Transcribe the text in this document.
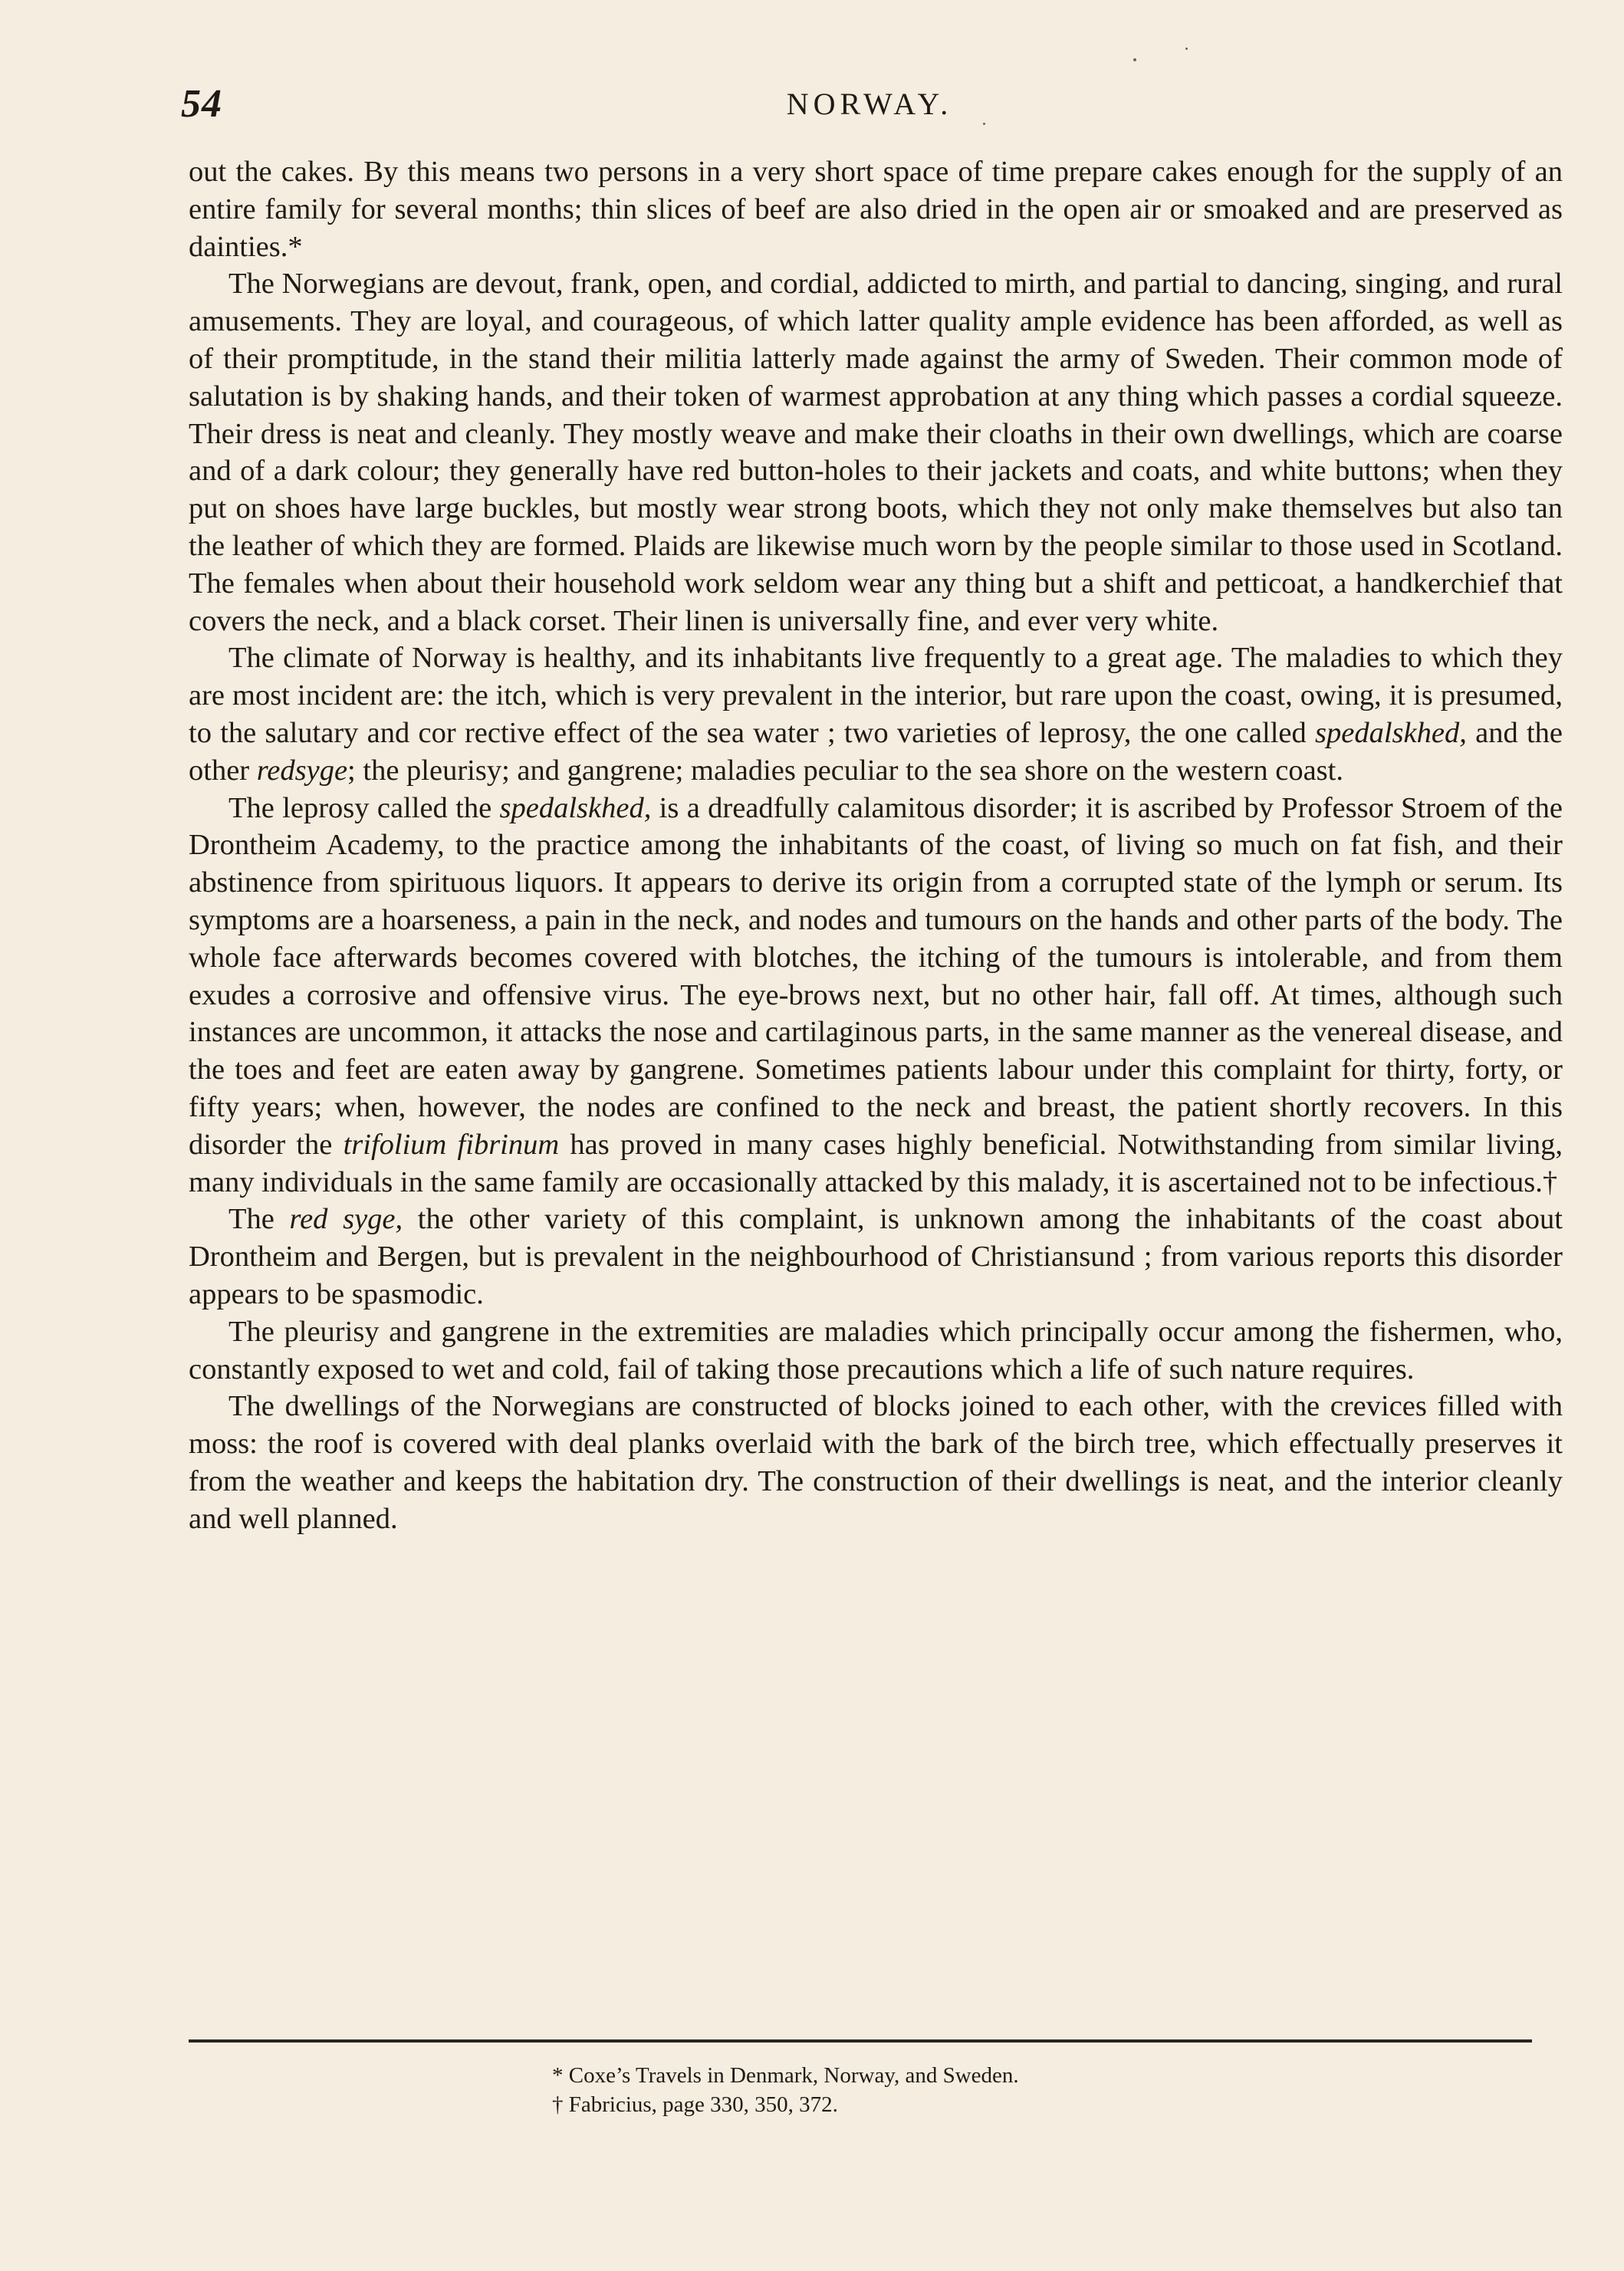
54	NORWAY.

out the cakes. By this means two persons in a very short space of time prepare cakes enough for the supply of an entire family for several months; thin slices of beef are also dried in the open air or smoaked and are preserved as dainties.*

The Norwegians are devout, frank, open, and cordial, addicted to mirth, and partial to dancing, singing, and rural amusements. They are loyal, and courageous, of which latter quality ample evidence has been afforded, as well as of their promptitude, in the stand their militia latterly made against the army of Sweden. Their common mode of salutation is by shaking hands, and their token of warmest approbation at any thing which passes a cordial squeeze. Their dress is neat and cleanly. They mostly weave and make their cloaths in their own dwellings, which are coarse and of a dark colour; they generally have red button-holes to their jackets and coats, and white buttons; when they put on shoes have large buckles, but mostly wear strong boots, which they not only make themselves but also tan the leather of which they are formed. Plaids are likewise much worn by the people similar to those used in Scotland. The females when about their household work seldom wear any thing but a shift and petticoat, a handkerchief that covers the neck, and a black corset. Their linen is universally fine, and ever very white.

The climate of Norway is healthy, and its inhabitants live frequently to a great age. The maladies to which they are most incident are: the itch, which is very prevalent in the interior, but rare upon the coast, owing, it is presumed, to the salutary and cor rective effect of the sea water ; two varieties of leprosy, the one called spedalskhed, and the other redsyge; the pleurisy; and gangrene; maladies peculiar to the sea shore on the western coast.

The leprosy called the spedalskhed, is a dreadfully calamitous disorder; it is ascribed by Professor Stroem of the Drontheim Academy, to the practice among the inhabitants of the coast, of living so much on fat fish, and their abstinence from spirituous liquors. It appears to derive its origin from a corrupted state of the lymph or serum. Its symptoms are a hoarseness, a pain in the neck, and nodes and tumours on the hands and other parts of the body. The whole face afterwards becomes covered with blotches, the itching of the tumours is intolerable, and from them exudes a corrosive and offensive virus. The eye-brows next, but no other hair, fall off. At times, although such instances are uncommon, it attacks the nose and cartilaginous parts, in the same manner as the venereal disease, and the toes and feet are eaten away by gangrene. Sometimes patients labour under this complaint for thirty, forty, or fifty years; when, however, the nodes are confined to the neck and breast, the patient shortly recovers. In this disorder the trifolium fibrinum has proved in many cases highly beneficial. Notwithstanding from similar living, many individuals in the same family are occasionally attacked by this malady, it is ascertained not to be infectious.†

The red syge, the other variety of this complaint, is unknown among the inhabitants of the coast about Drontheim and Bergen, but is prevalent in the neighbourhood of Christiansund ; from various reports this disorder appears to be spasmodic.

The pleurisy and gangrene in the extremities are maladies which principally occur among the fishermen, who, constantly exposed to wet and cold, fail of taking those precautions which a life of such nature requires.

The dwellings of the Norwegians are constructed of blocks joined to each other, with the crevices filled with moss: the roof is covered with deal planks overlaid with the bark of the birch tree, which effectually preserves it from the weather and keeps the habitation dry. The construction of their dwellings is neat, and the interior cleanly and well planned.

* Coxe’s Travels in Denmark, Norway, and Sweden.
† Fabricius, page 330, 350, 372.
